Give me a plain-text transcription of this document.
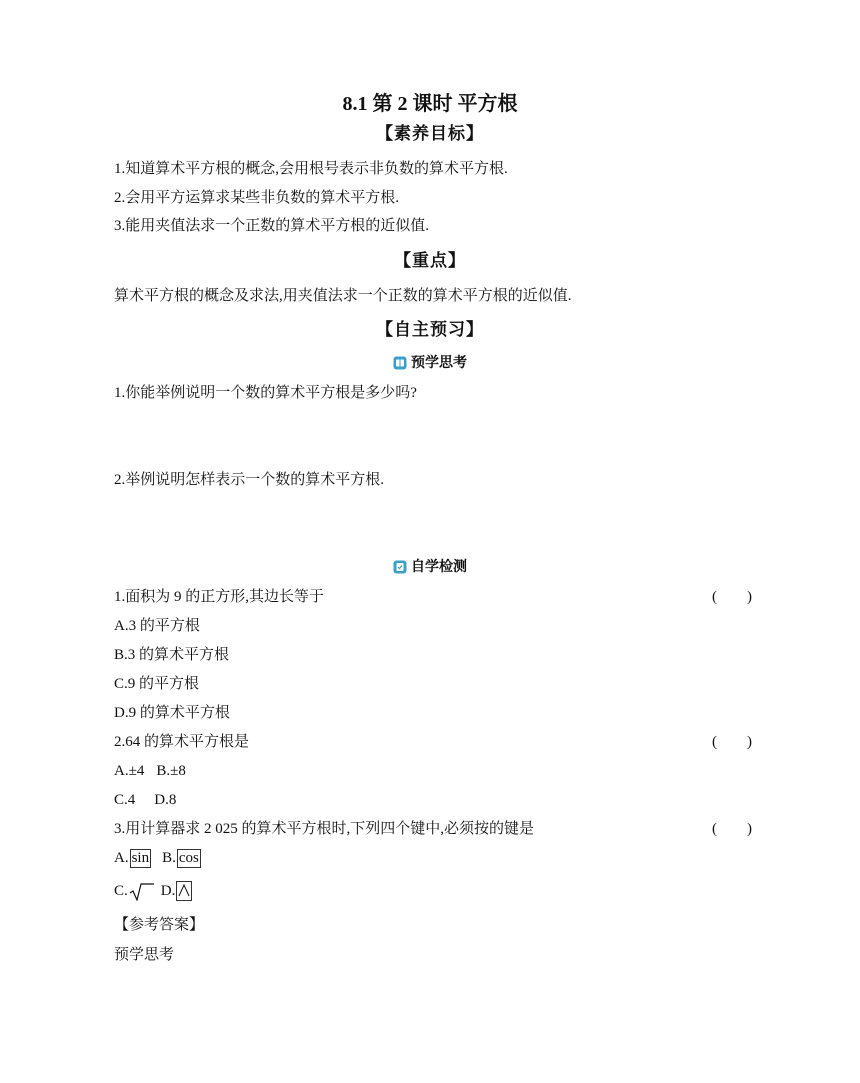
8.1 第 2 课时 平方根
【素养目标】
1.知道算术平方根的概念,会用根号表示非负数的算术平方根.
2.会用平方运算求某些非负数的算术平方根.
3.能用夹值法求一个正数的算术平方根的近似值.
【重点】
算术平方根的概念及求法,用夹值法求一个正数的算术平方根的近似值.
【自主预习】
预学思考
1.你能举例说明一个数的算术平方根是多少吗?
2.举例说明怎样表示一个数的算术平方根.
自学检测
1.面积为 9 的正方形,其边长等于	( )
A.3 的平方根
B.3 的算术平方根
C.9 的平方根
D.9 的算术平方根
2.64 的算术平方根是	( )
A.±4 B.±8
C.4 D.8
3.用计算器求 2 025 的算术平方根时,下列四个键中,必须按的键是	( )
A. sin B. cos
C. D.
【参考答案】
预学思考
